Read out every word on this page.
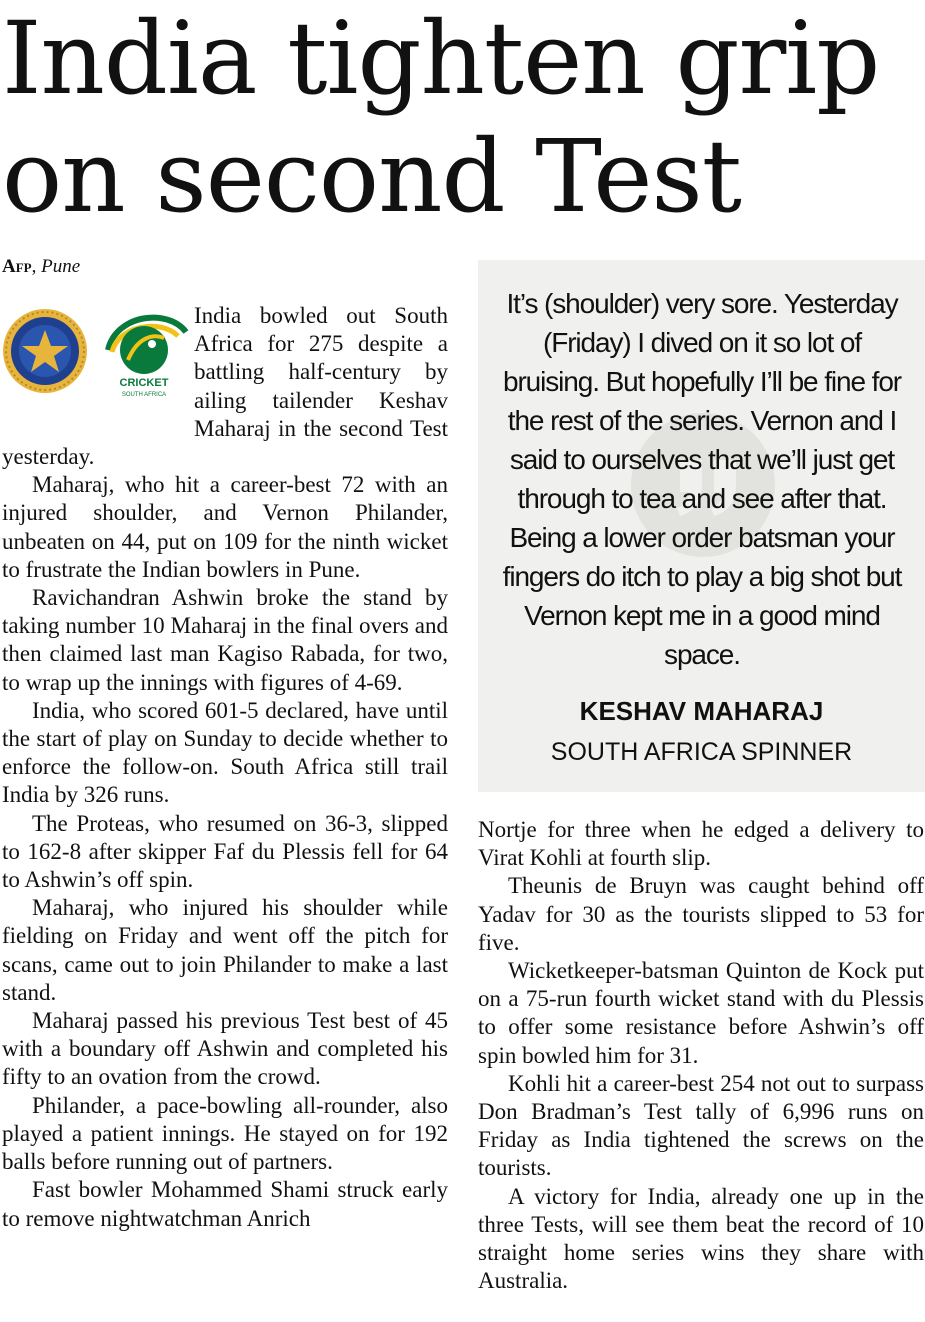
India tighten grip
on second Test
Afp, Pune
CRICKET
SOUTH AFRICA

India bowled out South Africa for 275 despite a battling half-century by ailing tailender Keshav Maharaj in the second Test yesterday.

Maharaj, who hit a career-best 72 with an injured shoulder, and Vernon Philander, unbeaten on 44, put on 109 for the ninth wicket to frustrate the Indian bowlers in Pune.

Ravichandran Ashwin broke the stand by taking number 10 Maharaj in the final overs and then claimed last man Kagiso Rabada, for two, to wrap up the innings with figures of 4-69.

India, who scored 601-5 declared, have until the start of play on Sunday to decide whether to enforce the follow-on. South Africa still trail India by 326 runs.

The Proteas, who resumed on 36-3, slipped to 162-8 after skipper Faf du Plessis fell for 64 to Ashwin’s off spin.

Maharaj, who injured his shoulder while fielding on Friday and went off the pitch for scans, came out to join Philander to make a last stand.

Maharaj passed his previous Test best of 45 with a boundary off Ashwin and completed his fifty to an ovation from the crowd.

Philander, a pace-bowling all-rounder, also played a patient innings. He stayed on for 192 balls before running out of partners.

Fast bowler Mohammed Shami struck early to remove nightwatchman Anrich

It’s (shoulder) very sore. Yesterday (Friday) I dived on it so lot of bruising. But hopefully I’ll be fine for the rest of the series. Vernon and I said to ourselves that we’ll just get through to tea and see after that. Being a lower order batsman your fingers do itch to play a big shot but Vernon kept me in a good mind space.

KESHAV MAHARAJ
SOUTH AFRICA SPINNER

Nortje for three when he edged a delivery to Virat Kohli at fourth slip.

Theunis de Bruyn was caught behind off Yadav for 30 as the tourists slipped to 53 for five.

Wicketkeeper-batsman Quinton de Kock put on a 75-run fourth wicket stand with du Plessis to offer some resistance before Ashwin’s off spin bowled him for 31.

Kohli hit a career-best 254 not out to surpass Don Bradman’s Test tally of 6,996 runs on Friday as India tightened the screws on the tourists.

A victory for India, already one up in the three Tests, will see them beat the record of 10 straight home series wins they share with Australia.
